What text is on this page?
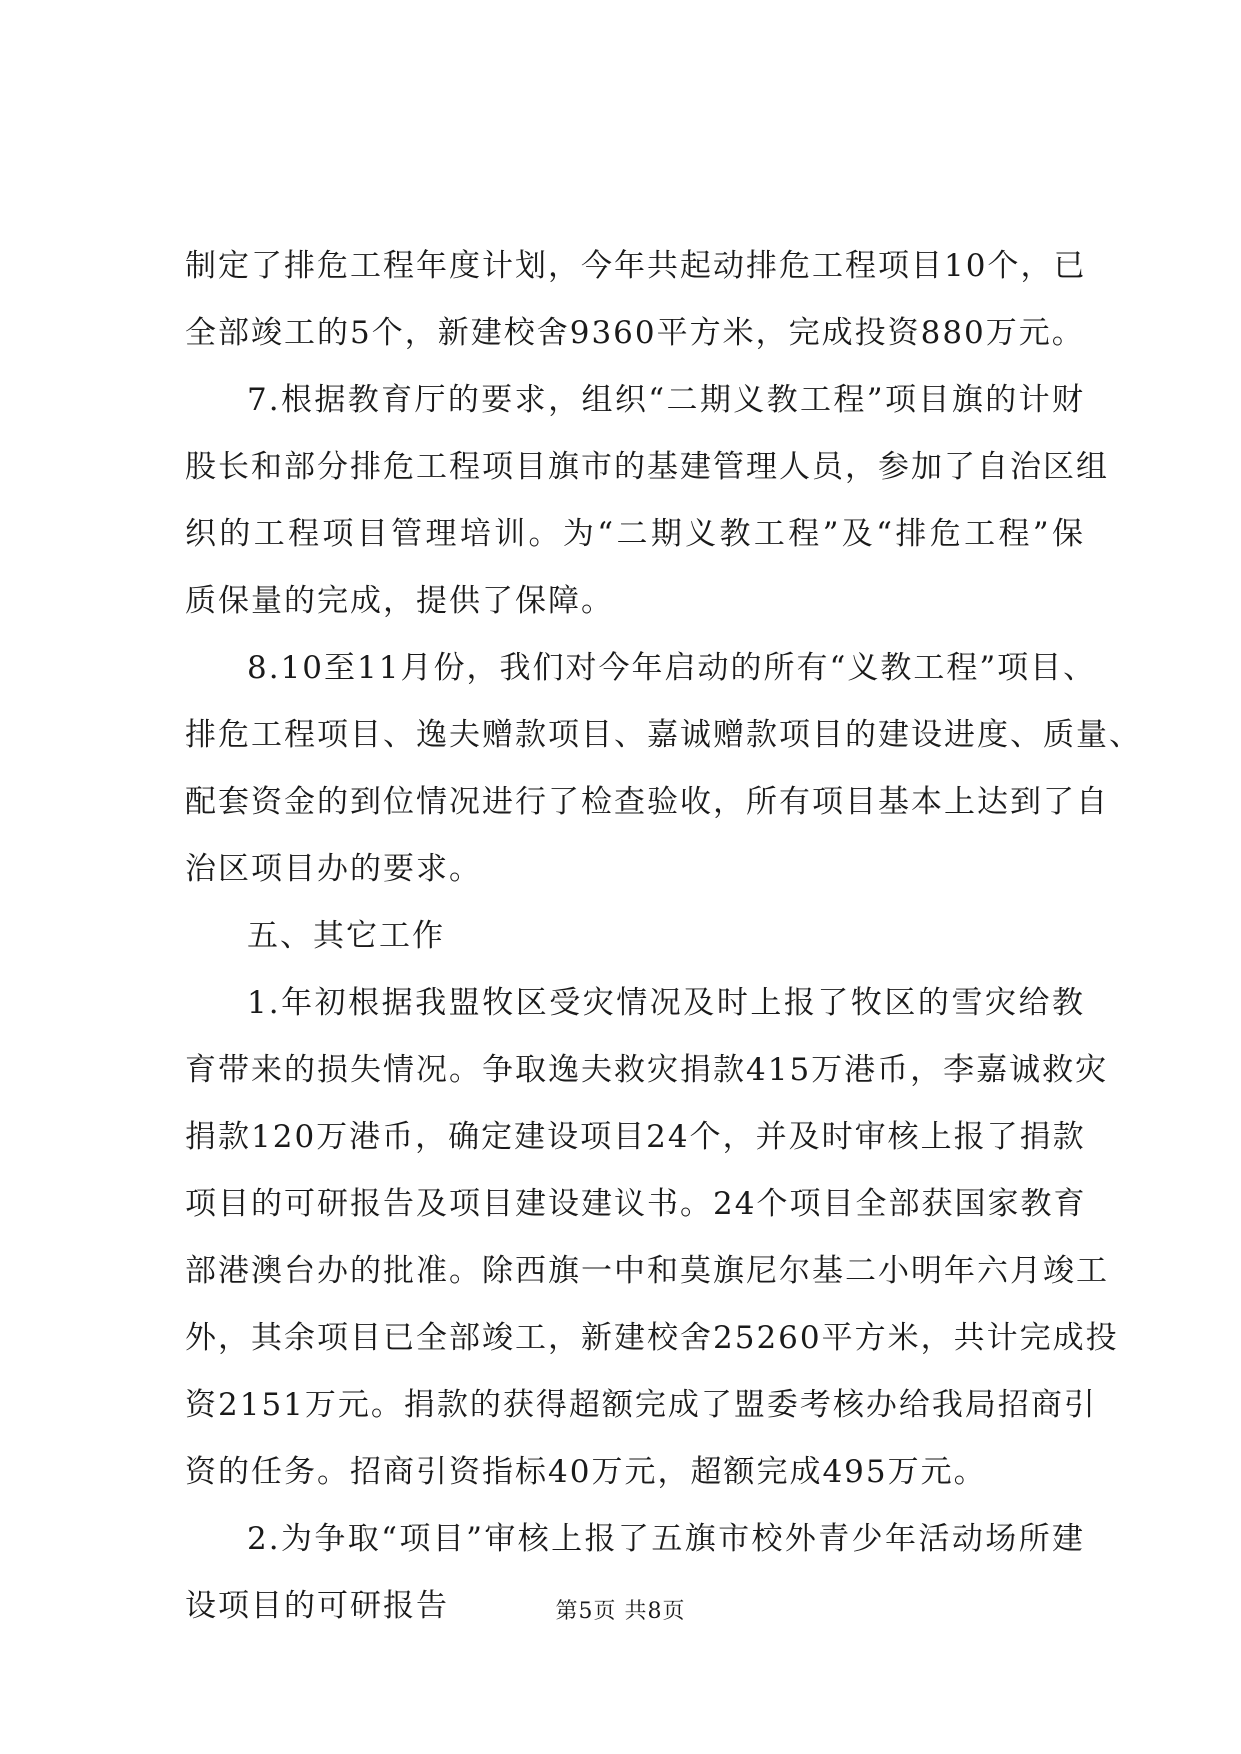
制定了排危工程年度计划，今年共起动排危工程项目10个，已
全部竣工的5个，新建校舍9360平方米，完成投资880万元。
7.根据教育厅的要求，组织“二期义教工程”项目旗的计财
股长和部分排危工程项目旗市的基建管理人员，参加了自治区组
织的工程项目管理培训。为“二期义教工程”及“排危工程”保
质保量的完成，提供了保障。
8.10至11月份，我们对今年启动的所有“义教工程”项目、
排危工程项目、逸夫赠款项目、嘉诚赠款项目的建设进度、质量、
配套资金的到位情况进行了检查验收，所有项目基本上达到了自
治区项目办的要求。
五、其它工作
1.年初根据我盟牧区受灾情况及时上报了牧区的雪灾给教
育带来的损失情况。争取逸夫救灾捐款415万港币，李嘉诚救灾
捐款120万港币，确定建设项目24个，并及时审核上报了捐款
项目的可研报告及项目建设建议书。24个项目全部获国家教育
部港澳台办的批准。除西旗一中和莫旗尼尔基二小明年六月竣工
外，其余项目已全部竣工，新建校舍25260平方米，共计完成投
资2151万元。捐款的获得超额完成了盟委考核办给我局招商引
资的任务。招商引资指标40万元，超额完成495万元。
2.为争取“项目”审核上报了五旗市校外青少年活动场所建
设项目的可研报告	第5页 共8页
